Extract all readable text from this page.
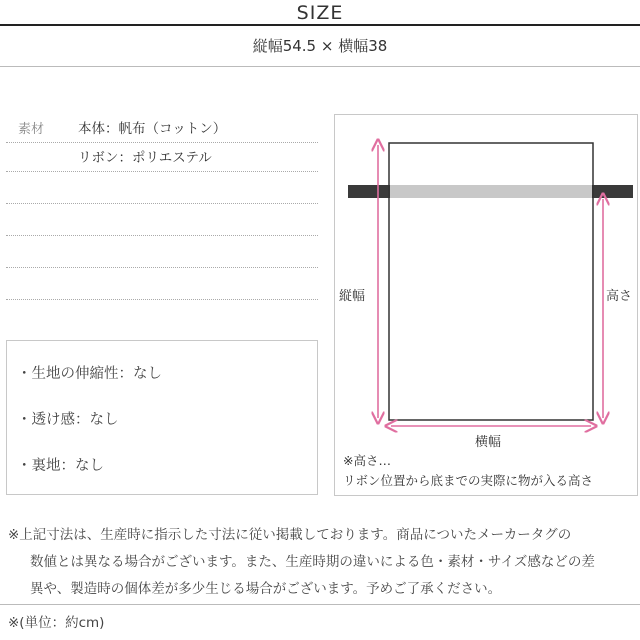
SIZE
縦幅54.5 × 横幅38
素材	本体：帆布（コットン）
リボン：ポリエステル
・生地の伸縮性：なし
・透け感：なし
・裏地：なし
縦幅	高さ
横幅
※高さ…
リボン位置から底までの実際に物が入る高さ
※上記寸法は、生産時に指示した寸法に従い掲載しております。商品についたメーカータグの
数値とは異なる場合がございます。また、生産時期の違いによる色・素材・サイズ感などの差
異や、製造時の個体差が多少生じる場合がございます。予めご了承ください。
※(単位：約cm)
